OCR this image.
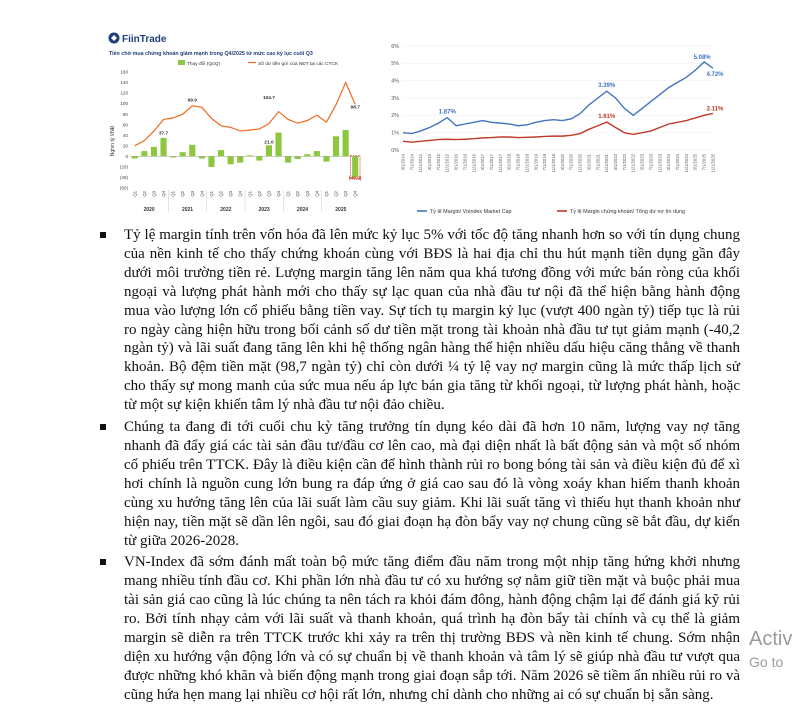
FiinTrade
Tiền chờ mua chứng khoán giảm mạnh trong Q4/2025 từ mức cao kỷ lục cuối Q3
Thay đổi (QoQ)	Số dư tiền gửi của NĐT tại các CTCK
Nghìn tỷ VNĐ
160
140
120
100
80
60
40
20
0
(20)
(40)
(60)
37.7
99.9
104.7
21.0
98.7
(40.2)
Q1 Q2 Q3 Q4 Q1 Q2 Q3 Q4 Q1 Q2 Q3 Q4 Q1 Q2 Q3 Q4 Q1 Q2 Q3 Q4 Q1 Q2 Q3 Q4
2020	2021	2022	2023	2024	2025
6%
5%
4%
3%
2%
1%
0%
1.87%
3.39%
1.61%
5.08%
4.72%
2.11%
3/1/2014 7/1/2014 11/1/2014 3/1/2015 7/1/2015 11/1/2015 3/1/2016 7/1/2016 11/1/2016 3/1/2017 7/1/2017 11/1/2017 3/1/2018 7/1/2018 11/1/2018 3/1/2019 7/1/2019 11/1/2019 3/1/2020 7/1/2020 11/1/2020 3/1/2021 7/1/2021 11/1/2021 3/1/2022 7/1/2022 11/1/2022 3/1/2023 7/1/2023 11/1/2023 3/1/2024 7/1/2024 11/1/2024 3/1/2025 7/1/2025 11/1/2025
Tỷ lệ Margin/ Vnindex Market Cap	Tỷ lệ Margin chứng khoán/ Tổng dư nợ tín dụng

Tỷ lệ margin tính trên vốn hóa đã lên mức kỷ lục 5% với tốc độ tăng nhanh hơn so với tín dụng chung của nền kinh tế cho thấy chứng khoán cùng với BĐS là hai địa chỉ thu hút mạnh tiền dụng gần đây dưới môi trường tiền rẻ. Lượng margin tăng lên năm qua khá tương đồng với mức bán ròng của khối ngoại và lượng phát hành mới cho thấy sự lạc quan của nhà đầu tư nội đã thể hiện bằng hành động mua vào lượng lớn cổ phiếu bằng tiền vay. Sự tích tụ margin kỷ lục (vượt 400 ngàn tỷ) tiếp tục là rủi ro ngày càng hiện hữu trong bối cảnh số dư tiền mặt trong tài khoản nhà đầu tư tụt giảm mạnh (-40,2 ngàn tỷ) và lãi suất đang tăng lên khi hệ thống ngân hàng thể hiện nhiều dấu hiệu căng thẳng về thanh khoản. Bộ đệm tiền mặt (98,7 ngàn tỷ) chỉ còn dưới ¼ tỷ lệ vay nợ margin cũng là mức thấp lịch sử cho thấy sự mong manh của sức mua nếu áp lực bán gia tăng từ khối ngoại, từ lượng phát hành, hoặc từ một sự kiện khiến tâm lý nhà đầu tư nội đảo chiều.

Chúng ta đang đi tới cuối chu kỳ tăng trưởng tín dụng kéo dài đã hơn 10 năm, lượng vay nợ tăng nhanh đã đẩy giá các tài sản đầu tư/đầu cơ lên cao, mà đại diện nhất là bất động sản và một số nhóm cổ phiếu trên TTCK. Đây là điều kiện cần để hình thành rủi ro bong bóng tài sản và điều kiện đủ để xì hơi chính là nguồn cung lớn bung ra đáp ứng ở giá cao sau đó là vòng xoáy khan hiếm thanh khoản cùng xu hướng tăng lên của lãi suất làm cầu suy giảm. Khi lãi suất tăng vì thiếu hụt thanh khoản như hiện nay, tiền mặt sẽ dần lên ngôi, sau đó giai đoạn hạ đòn bẩy vay nợ chung cũng sẽ bắt đầu, dự kiến từ giữa 2026-2028.

VN-Index đã sớm đánh mất toàn bộ mức tăng điểm đầu năm trong một nhịp tăng hứng khởi nhưng mang nhiều tính đầu cơ. Khi phần lớn nhà đầu tư có xu hướng sợ nằm giữ tiền mặt và buộc phải mua tài sản giá cao cũng là lúc chúng ta nên tách ra khỏi đám đông, hành động chậm lại để đánh giá kỹ rủi ro. Bởi tính nhạy cảm với lãi suất và thanh khoản, quá trình hạ đòn bẩy tài chính và cụ thể là giảm margin sẽ diễn ra trên TTCK trước khi xảy ra trên thị trường BĐS và nền kinh tế chung. Sớm nhận diện xu hướng vận động lớn và có sự chuẩn bị về thanh khoản và tâm lý sẽ giúp nhà đầu tư vượt qua được những khó khăn và biến động mạnh trong giai đoạn sắp tới. Năm 2026 sẽ tiềm ẩn nhiều rủi ro và cũng hứa hẹn mang lại nhiều cơ hội rất lớn, nhưng chỉ dành cho những ai có sự chuẩn bị sẵn sàng.

Activ
Go to
